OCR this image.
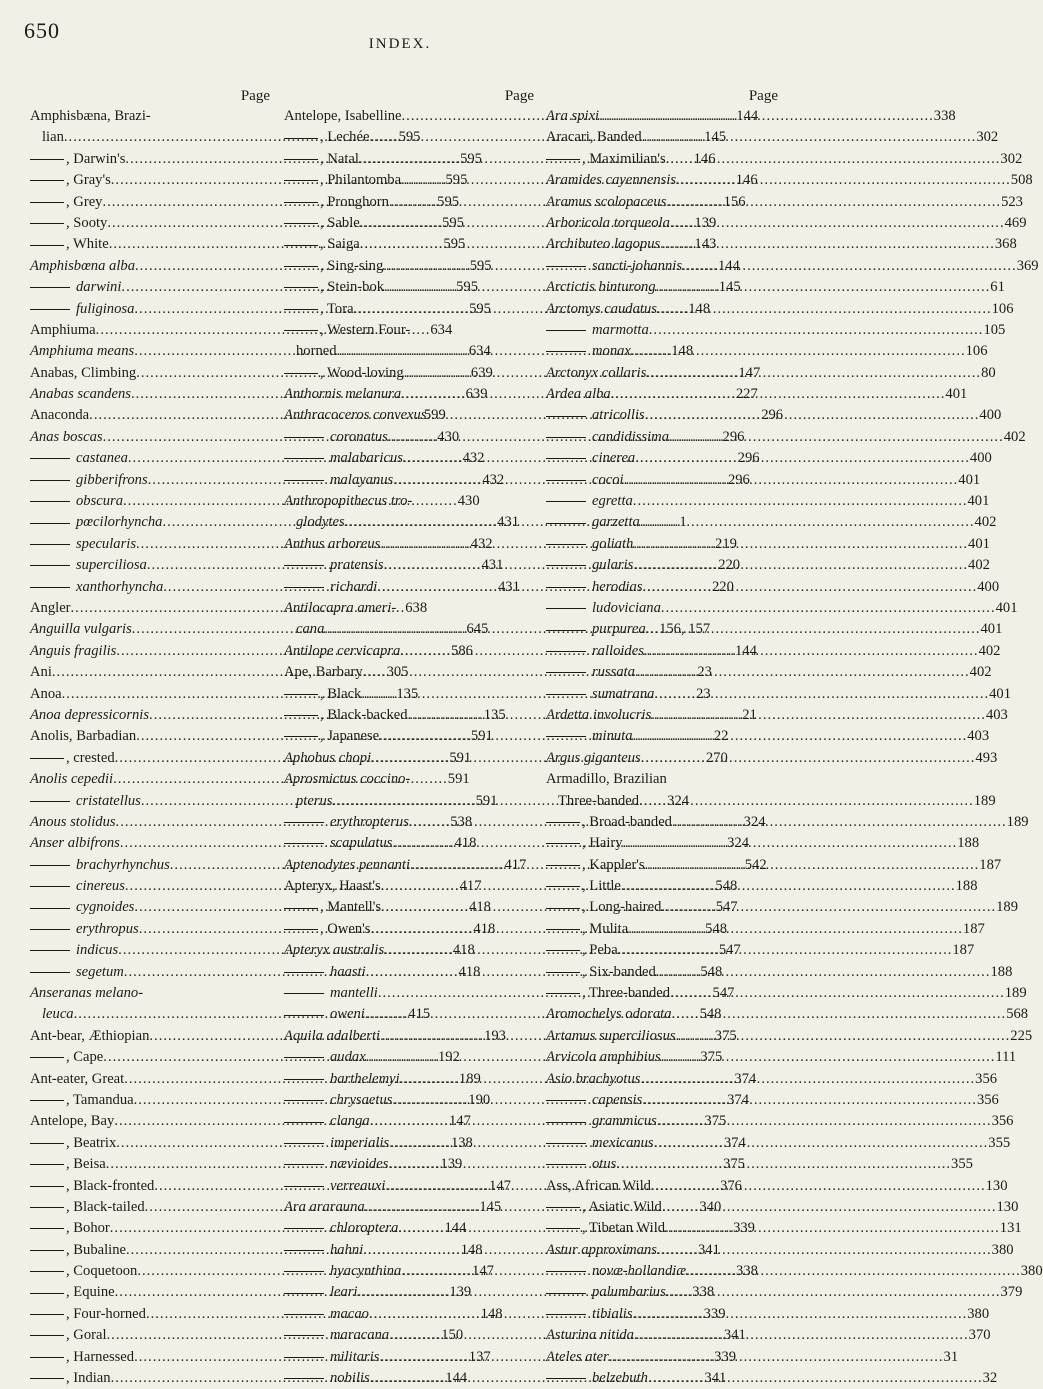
650
INDEX.
Page
Amphisbæna, Brazi-
lian .....	595
, Darwin's .....	595
, Gray's .....	595
, Grey .....	595
, Sooty .....	595
, White .....	595
Amphisbœna alba .....	595
darwini .....	595
fuliginosa .....	595
Amphiuma .....	634
Amphiuma means .....	634
Anabas, Climbing .....	639
Anabas scandens .....	639
Anaconda .....	599
Anas boscas .....	430
castanea .....	432
gibberifrons .....	432
obscura .....	430
pœcilorhyncha .....	431
specularis .....	432
superciliosa .....	431
xanthorhyncha .....	431
Angler .....	638
Anguilla vulgaris .....	645
Anguis fragilis .....	586
Ani .....	305
Anoa .....	135
Anoa depressicornis .....	135
Anolis, Barbadian .....	591
, crested .....	591
Anolis cepedii .....	591
cristatellus .....	591
Anous stolidus .....	538
Anser albifrons .....	418
brachyrhynchus .....	417
cinereus .....	417
cygnoides .....	418
erythropus .....	418
indicus .....	418
segetum .....	418
Anseranas melano-
leuca .....	415
Ant-bear, Æthiopian .....	193
, Cape .....	192
Ant-eater, Great .....	189
, Tamandua .....	190
Antelope, Bay .....	147
, Beatrix .....	138
, Beisa .....	139
, Black-fronted .....	147
, Black-tailed .....	145
, Bohor .....	144
, Bubaline .....	148
, Coquetoon .....	147
, Equine .....	139
, Four-horned .....	148
, Goral .....	150
, Harnessed .....	137
, Indian .....	144
Page
Antelope, Isabelline .....	144
, Lechée .....	145
, Natal .....	146
, Philantomba .....	146
, Pronghorn .....	156
, Sable .....	139
, Saiga .....	143
, Sing-sing .....	144
, Stein-bok .....	145
, Tora .....	148
, Western Four-
horned .....	148
, Wood-loving .....	147
Anthornis melanura .....	227
Anthracoceros convexus .....	296
coronatus .....	296
malabaricus .....	296
malayanus .....	296
Anthropopithecus tro-
glodytes .....	1
Anthus arboreus .....	219
pratensis .....	220
richardi .....	220
Antilocapra ameri-
cana .....	156, 157
Antilope cervicapra .....	144
Ape, Barbary .....	23
, Black .....	23
, Black-backed .....	21
, Japanese .....	22
Aphobus chopi .....	270
Aprosmictus coccino-
pterus .....	324
erythropterus .....	324
scapulatus .....	324
Aptenodytes pennanti .....	542
Apteryx, Haast's .....	548
, Mantell's .....	547
, Owen's .....	548
Apteryx australis .....	547
haasti .....	548
mantelli .....	547
oweni .....	548
Aquila adalberti .....	375
audax .....	375
barthelemyi .....	374
chrysaetus .....	374
clanga .....	375
imperialis .....	374
nævioides .....	375
verreauxi .....	376
Ara ararauna .....	340
chloroptera .....	339
hahni .....	341
hyacynthina .....	338
leari .....	338
macao .....	339
maracana .....	341
militaris .....	339
nobilis .....	341
Page
Ara spixi .....	338
Aracari, Banded .....	302
, Maximilian's .....	302
Aramides cayennensis .....	508
Aramus scolopaceus .....	523
Arboricola torqueola .....	469
Archibuteo lagopus .....	368
sancti-johannis .....	369
Arctictis binturong .....	61
Arctomys caudatus .....	106
marmotta .....	105
monax .....	106
Arctonyx collaris .....	80
Ardea alba .....	401
atricollis .....	400
candidissima .....	402
cinerea .....	400
cocoi .....	401
egretta .....	401
garzetta .....	402
goliath .....	401
gularis .....	402
herodias .....	400
ludoviciana .....	401
purpurea .....	401
ralloides .....	402
russata .....	402
sumatrana .....	401
Ardetta involucris .....	403
minuta .....	403
Argus giganteus .....	493
Armadillo, Brazilian
Three-banded .....	189
, Broad-banded .....	189
, Hairy .....	188
, Kappler's .....	187
, Little .....	188
, Long-haired .....	189
, Mulita .....	187
, Peba .....	187
, Six-banded .....	188
, Three-banded .....	189
Aromochelys odorata .....	568
Artamus superciliosus .....	225
Arvicola amphibius .....	111
Asio brachyotus .....	356
capensis .....	356
grammicus .....	356
mexicanus .....	355
otus .....	355
Ass, African Wild .....	130
, Asiatic Wild .....	130
, Tibetan Wild .....	131
Astur approximans .....	380
novæ-hollandiæ .....	380
palumbarius .....	379
tibialis .....	380
Asturina nitida .....	370
Ateles ater .....	31
belzebuth .....	32
